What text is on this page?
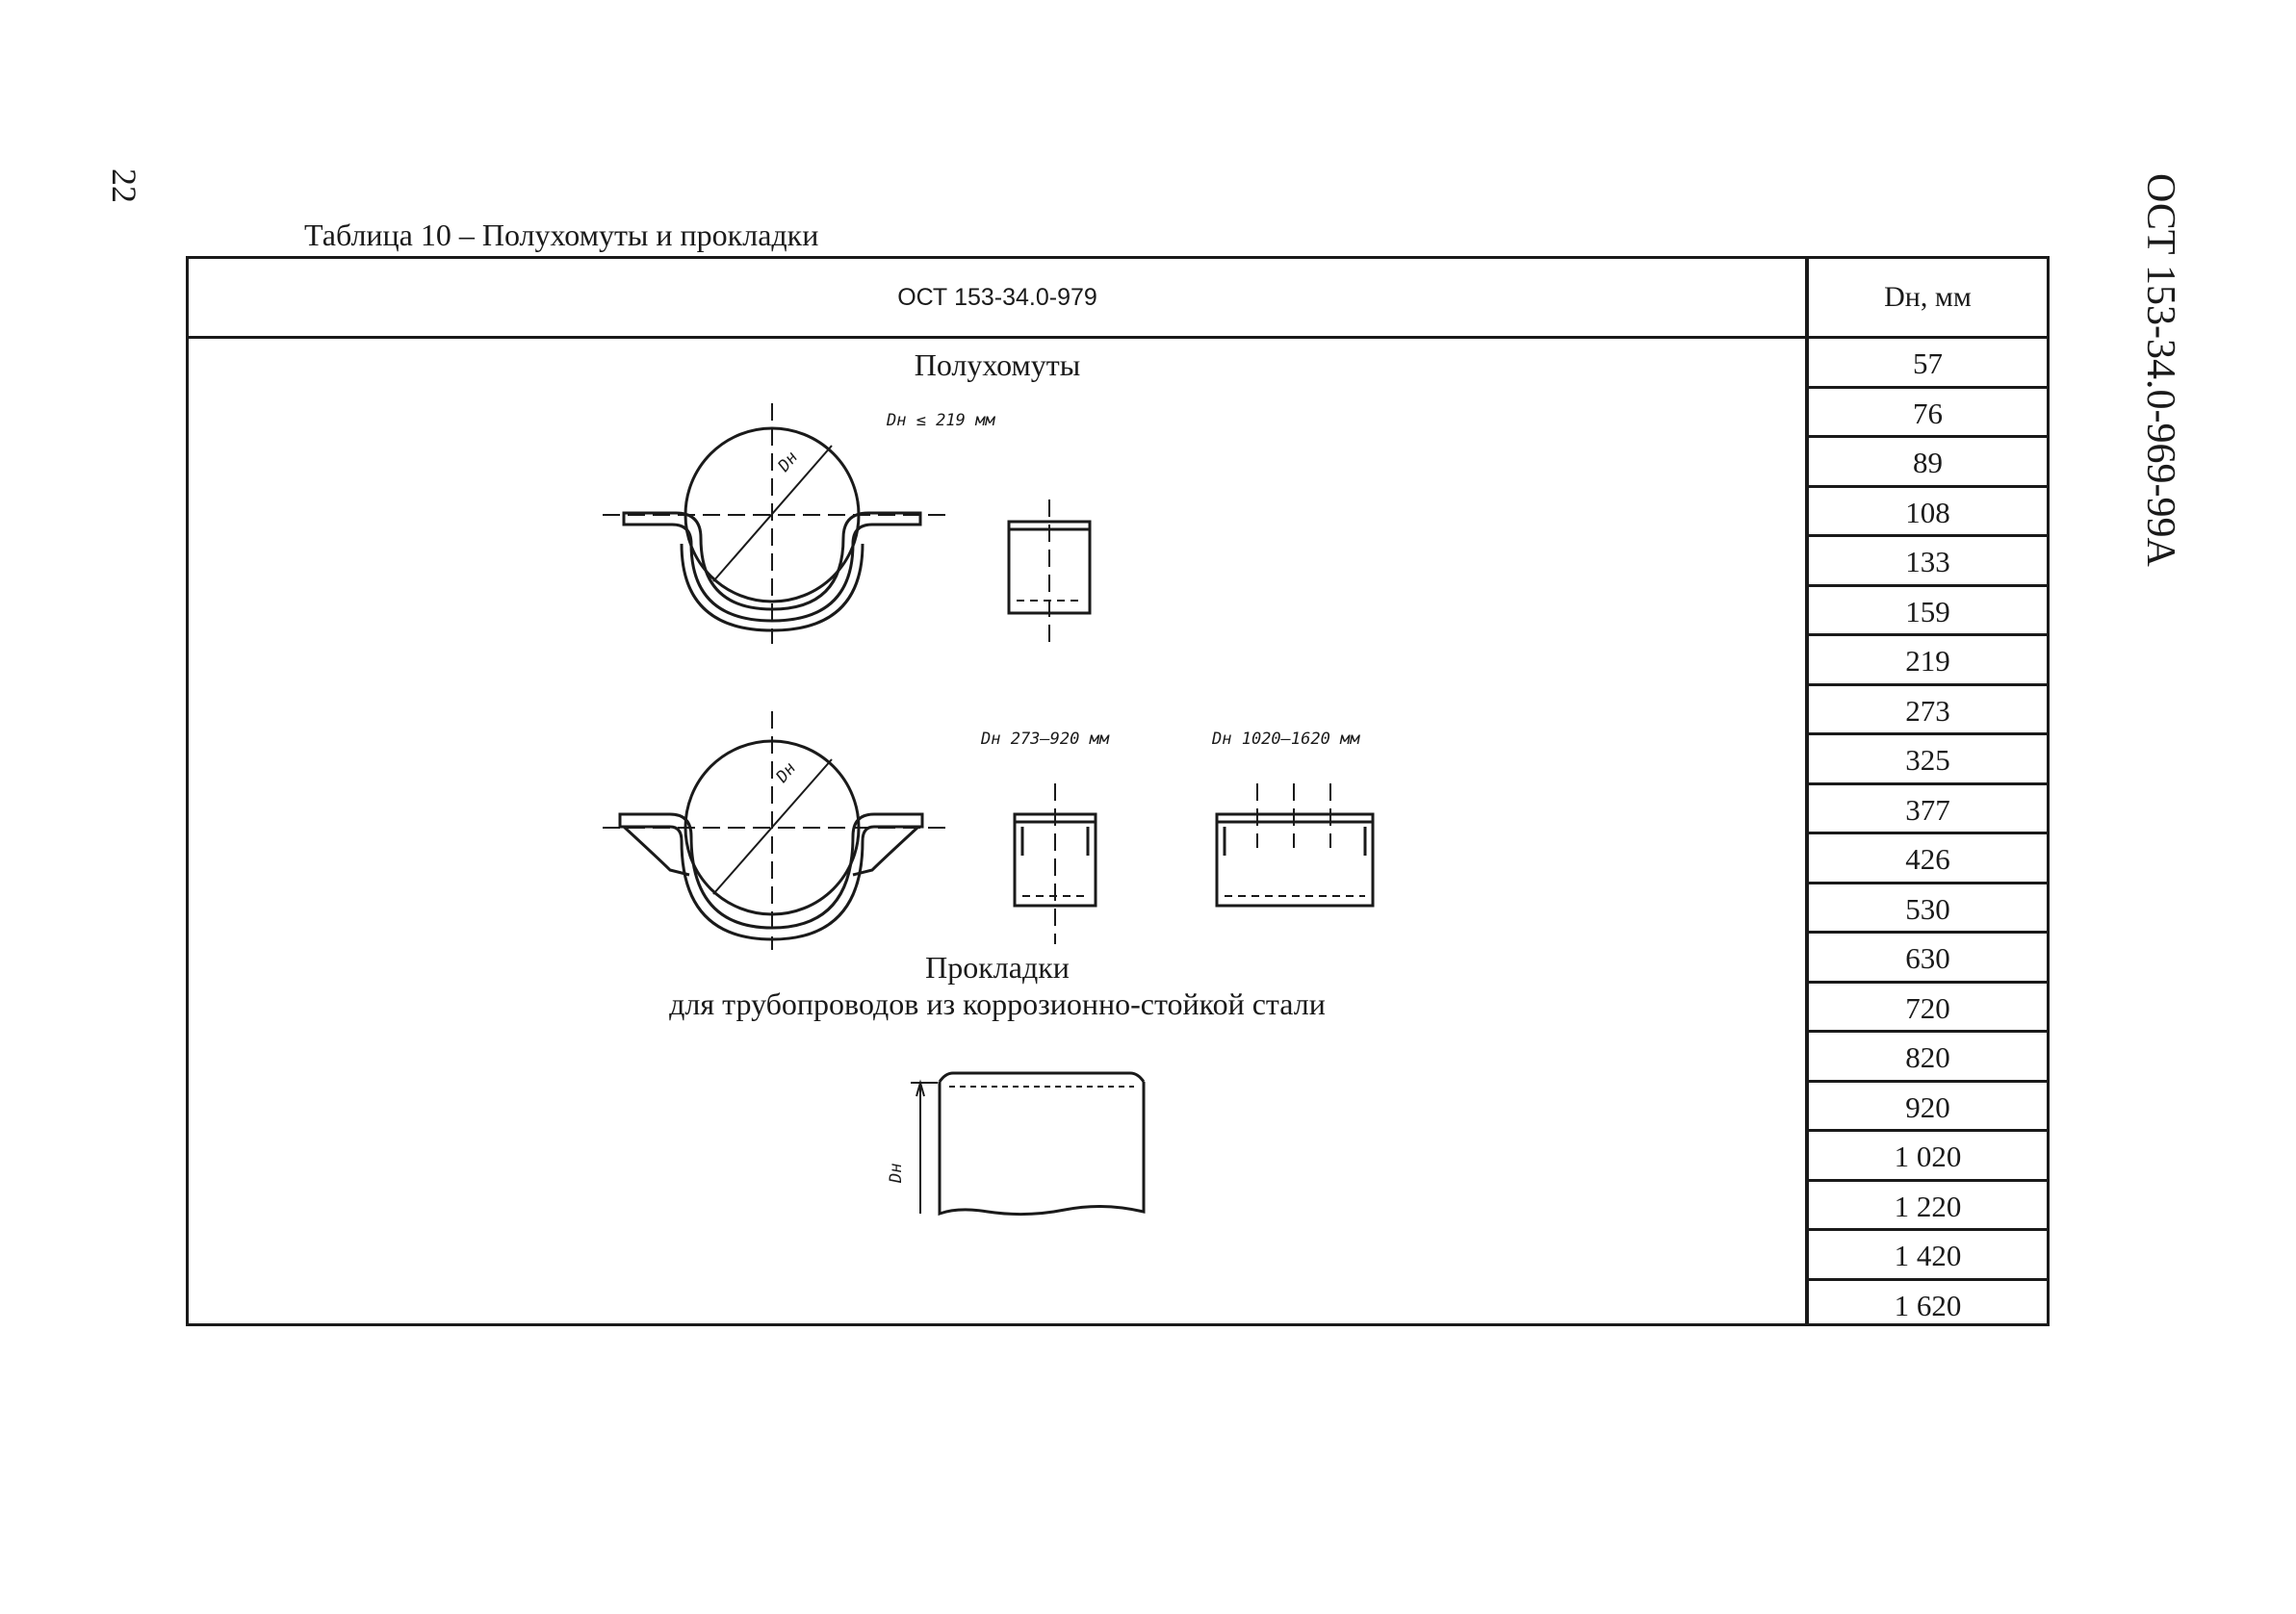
22	ОСТ 153-34.0-969-99А
Таблица 10 – Полухомуты и прокладки
ОСТ 153-34.0-979	Dн, мм
Полухомуты
Прокладки
для трубопроводов из коррозионно-стойкой стали
Dн ≤ 219 мм
Dн
Dн
Dн 273–920 мм	Dн 1020–1620 мм
Dн
57
76
89
108
133
159
219
273
325
377
426
530
630
720
820
920
1 020
1 220
1 420
1 620
